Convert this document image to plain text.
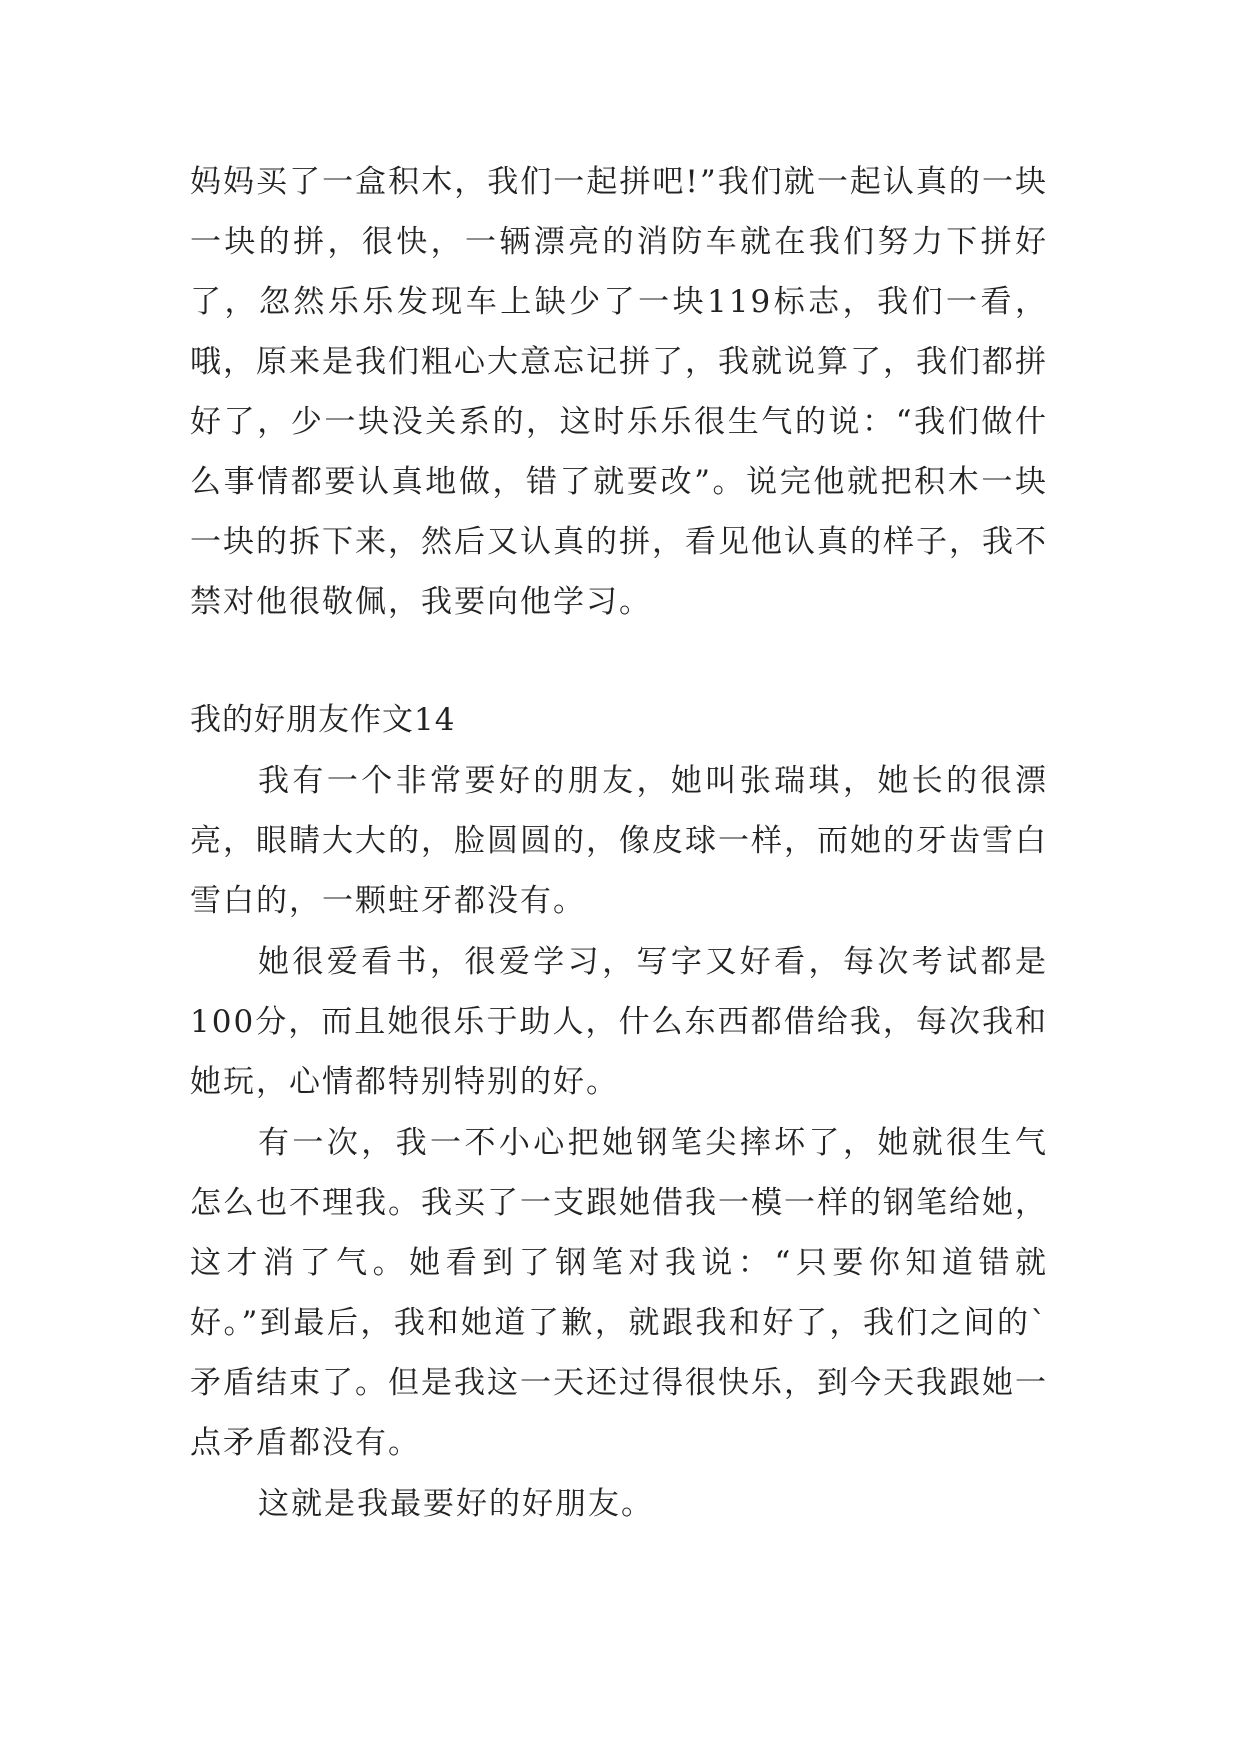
妈妈买了一盒积木，我们一起拼吧!”我们就一起认真的一块一块的拼，很快，一辆漂亮的消防车就在我们努力下拼好了，忽然乐乐发现车上缺少了一块119标志，我们一看，哦，原来是我们粗心大意忘记拼了，我就说算了，我们都拼好了，少一块没关系的，这时乐乐很生气的说：“我们做什么事情都要认真地做，错了就要改”。说完他就把积木一块一块的拆下来，然后又认真的拼，看见他认真的样子，我不禁对他很敬佩，我要向他学习。

我的好朋友作文14

我有一个非常要好的朋友，她叫张瑞琪，她长的很漂亮，眼睛大大的，脸圆圆的，像皮球一样，而她的牙齿雪白雪白的，一颗蛀牙都没有。

她很爱看书，很爱学习，写字又好看，每次考试都是100分，而且她很乐于助人，什么东西都借给我，每次我和她玩，心情都特别特别的好。

有一次，我一不小心把她钢笔尖摔坏了，她就很生气怎么也不理我。我买了一支跟她借我一模一样的钢笔给她，这才消了气。她看到了钢笔对我说：“只要你知道错就好。”到最后，我和她道了歉，就跟我和好了，我们之间的`矛盾结束了。但是我这一天还过得很快乐，到今天我跟她一点矛盾都没有。

这就是我最要好的好朋友。
